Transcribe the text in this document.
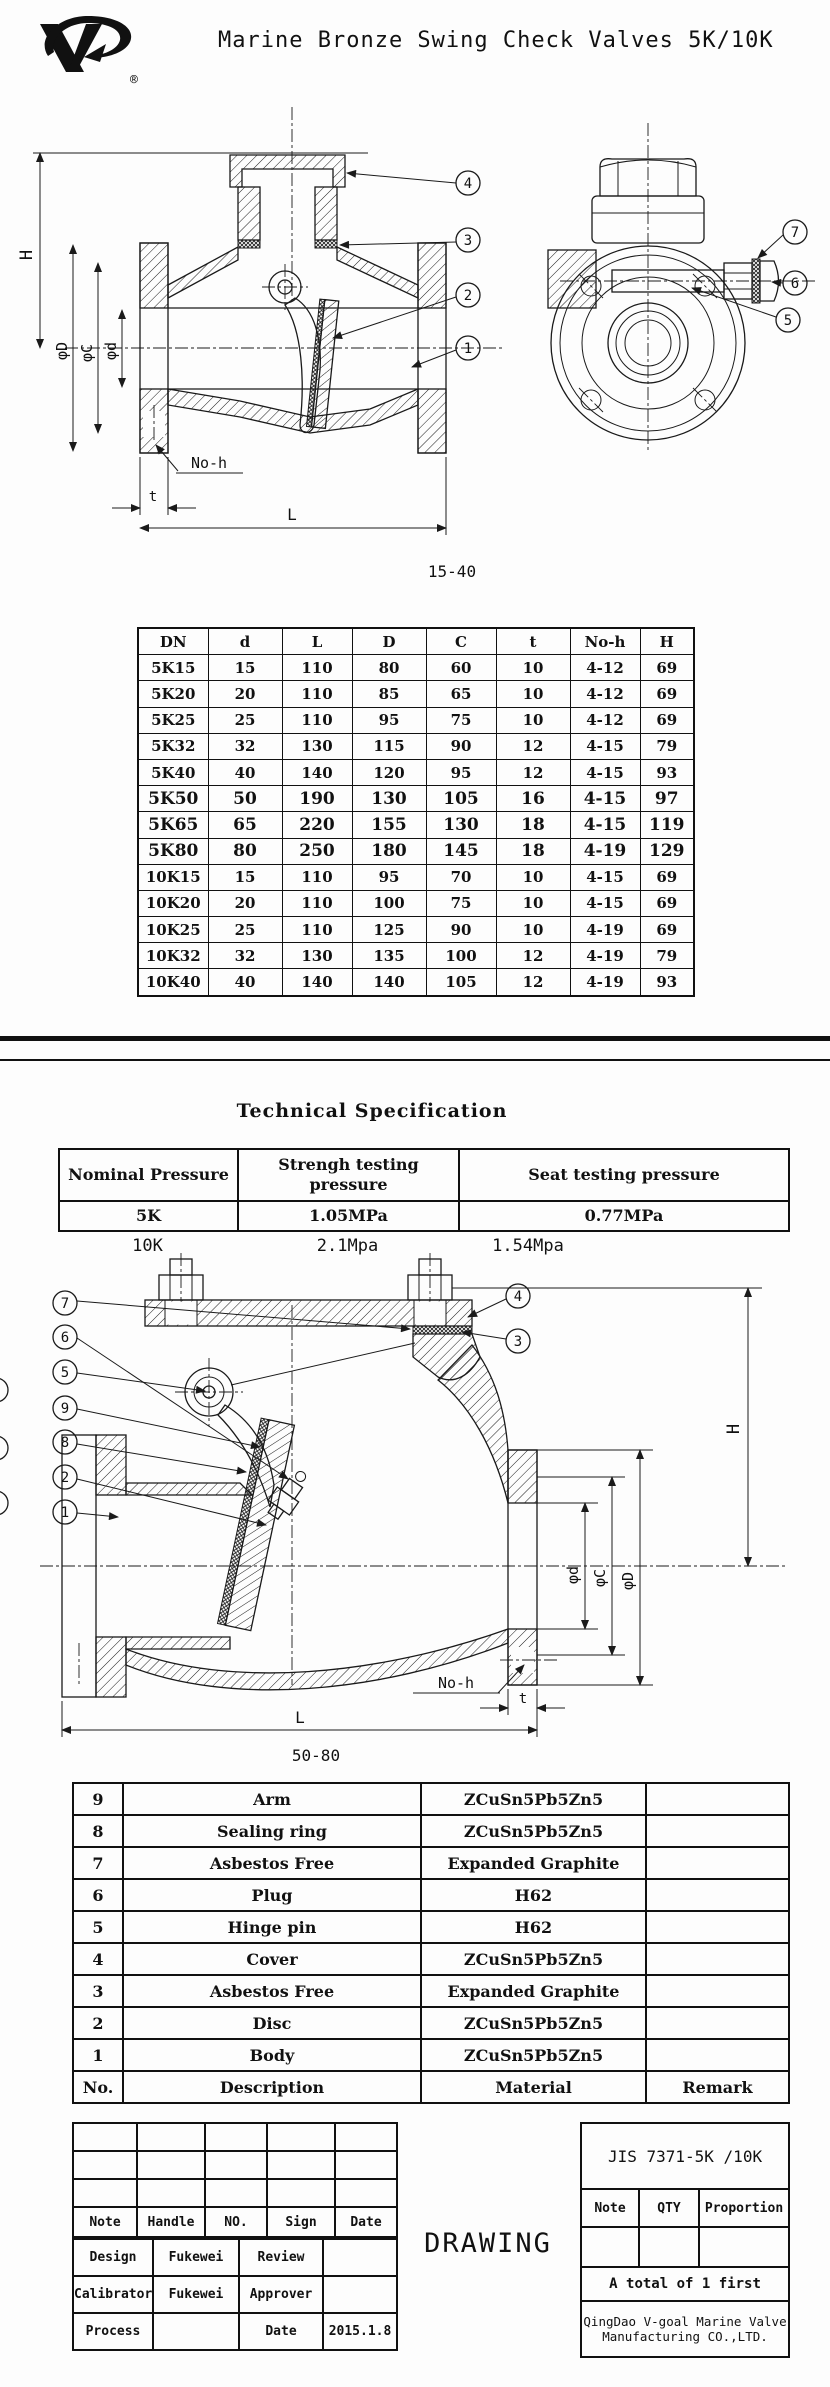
®
Marine Bronze Swing Check Valves 5K/10K
H
φD φC φd
No-h
t
L
15-40
4
3
2
1
7
6
5
DN	d	L	D	C	t	No-h	H
5K15	15	110	80	60	10	4-12	69
5K20	20	110	85	65	10	4-12	69
5K25	25	110	95	75	10	4-12	69
5K32	32	130	115	90	12	4-15	79
5K40	40	140	120	95	12	4-15	93
5K50	50	190	130	105	16	4-15	97
5K65	65	220	155	130	18	4-15	119
5K80	80	250	180	145	18	4-19	129
10K15	15	110	95	70	10	4-15	69
10K20	20	110	100	75	10	4-15	69
10K25	25	110	125	90	10	4-19	69
10K32	32	130	135	100	12	4-19	79
10K40	40	140	140	105	12	4-19	93
Technical Specification
Nominal Pressure	Strengh testing pressure	Seat testing pressure
5K	1.05MPa	0.77MPa
10K	2.1Mpa	1.54Mpa
7
6
5
9
8
2
1
4
3
H
φd φC φD
No-h
t
L
50-80
9	Arm	ZCuSn5Pb5Zn5	
8	Sealing ring	ZCuSn5Pb5Zn5	
7	Asbestos Free	Expanded Graphite	
6	Plug	H62	
5	Hinge pin	H62	
4	Cover	ZCuSn5Pb5Zn5	
3	Asbestos Free	Expanded Graphite	
2	Disc	ZCuSn5Pb5Zn5	
1	Body	ZCuSn5Pb5Zn5	
No.	Description	Material	Remark

Note	Handle	NO.	Sign	Date
Design	Fukewei	Review	
Calibrator	Fukewei	Approver	
Process		Date	2015.1.8
DRAWING
JIS 7371-5K /10K		
Note	QTY	Proportion

A total of 1 first		

QingDao V-goal Marine Valve
Manufacturing CO.,LTD.		
